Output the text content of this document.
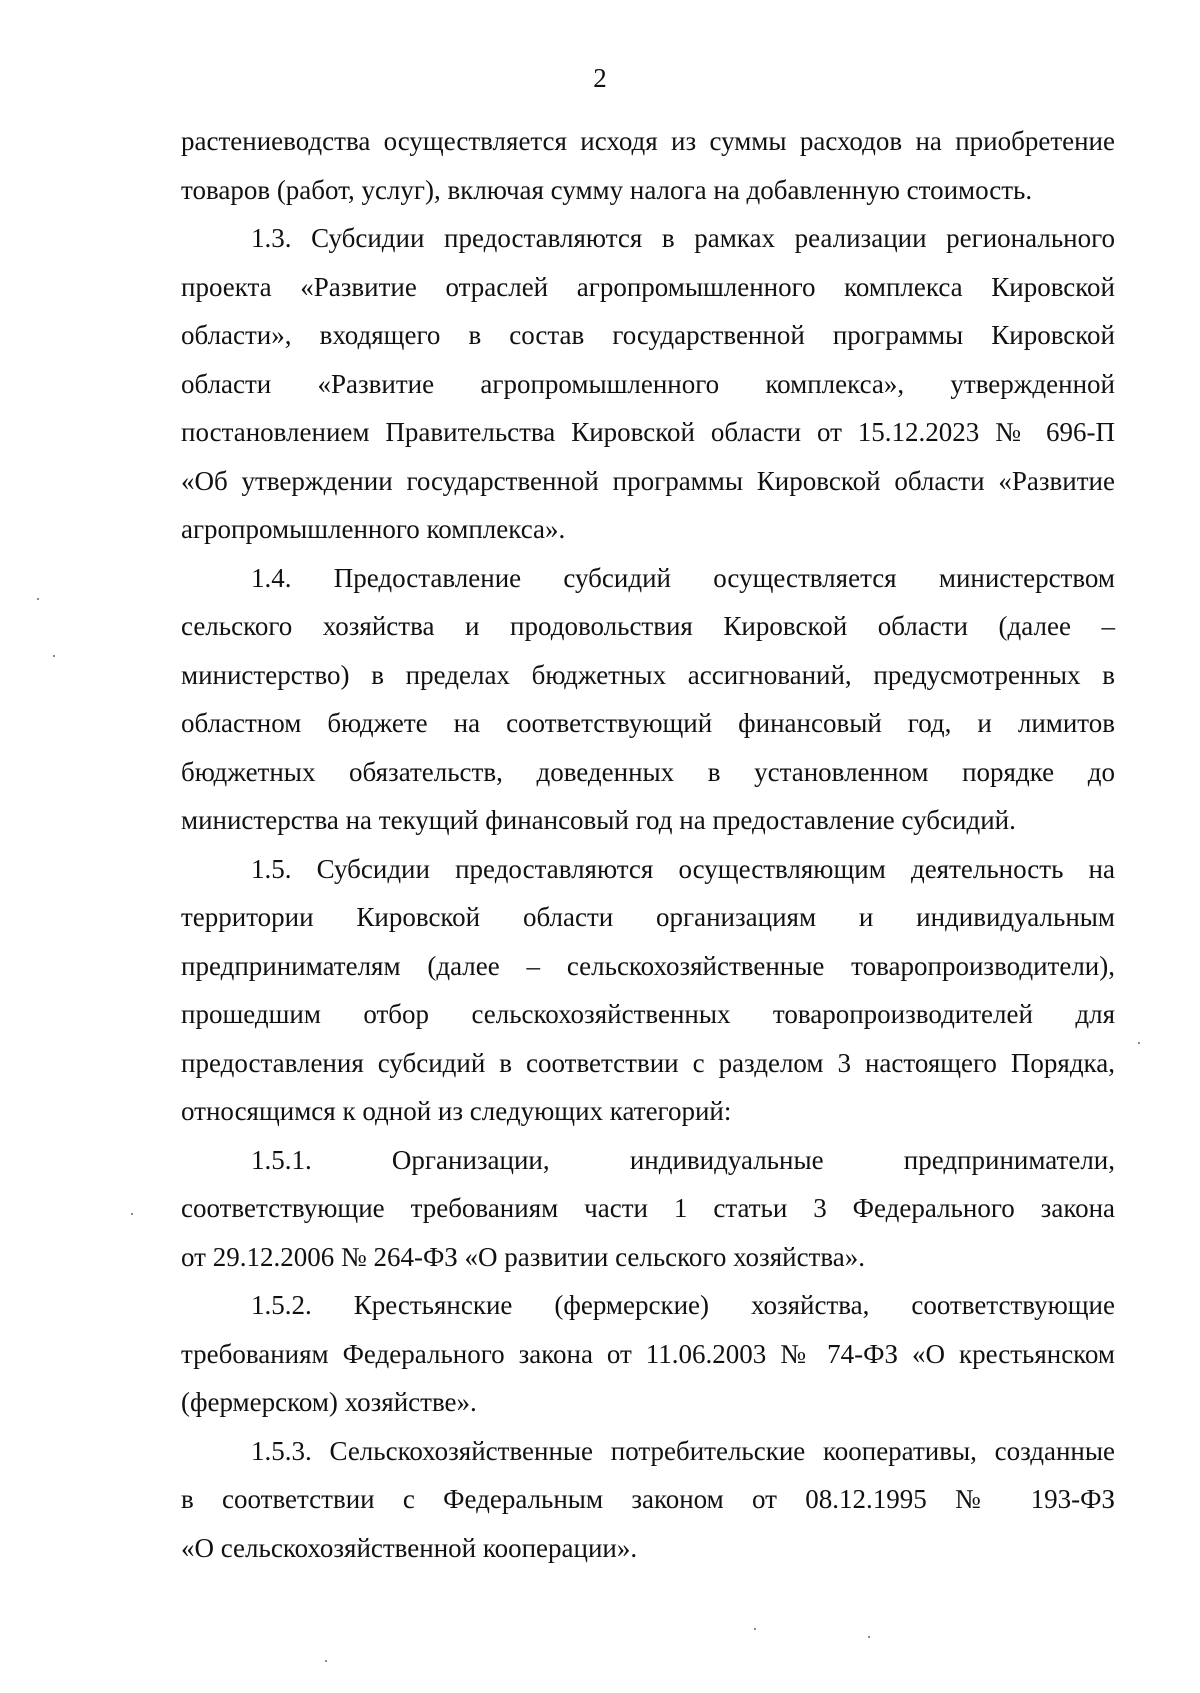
2
растениеводства осуществляется исходя из суммы расходов на приобретение
товаров (работ, услуг), включая сумму налога на добавленную стоимость.
1.3. Субсидии предоставляются в рамках реализации регионального
проекта «Развитие отраслей агропромышленного комплекса Кировской
области», входящего в состав государственной программы Кировской
области «Развитие агропромышленного комплекса», утвержденной
постановлением Правительства Кировской области от 15.12.2023 № 696-П
«Об утверждении государственной программы Кировской области «Развитие
агропромышленного комплекса».
1.4. Предоставление субсидий осуществляется министерством
сельского хозяйства и продовольствия Кировской области (далее –
министерство) в пределах бюджетных ассигнований, предусмотренных в
областном бюджете на соответствующий финансовый год, и лимитов
бюджетных обязательств, доведенных в установленном порядке до
министерства на текущий финансовый год на предоставление субсидий.
1.5. Субсидии предоставляются осуществляющим деятельность на
территории Кировской области организациям и индивидуальным
предпринимателям (далее – сельскохозяйственные товаропроизводители),
прошедшим отбор сельскохозяйственных товаропроизводителей для
предоставления субсидий в соответствии с разделом 3 настоящего Порядка,
относящимся к одной из следующих категорий:
1.5.1. Организации, индивидуальные предприниматели,
соответствующие требованиям части 1 статьи 3 Федерального закона
от 29.12.2006 № 264-ФЗ «О развитии сельского хозяйства».
1.5.2. Крестьянские (фермерские) хозяйства, соответствующие
требованиям Федерального закона от 11.06.2003 № 74-ФЗ «О крестьянском
(фермерском) хозяйстве».
1.5.3. Сельскохозяйственные потребительские кооперативы, созданные
в соответствии с Федеральным законом от 08.12.1995 № 193-ФЗ
«О сельскохозяйственной кооперации».
